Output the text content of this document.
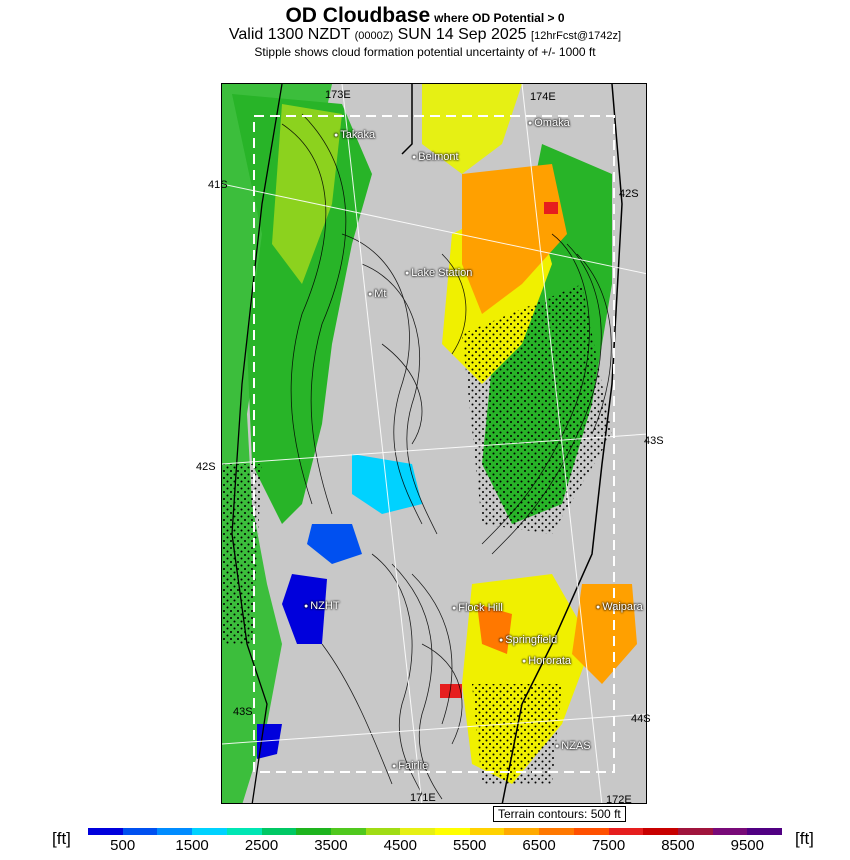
OD Cloudbase where OD Potential > 0
Valid 1300 NZDT (0000Z) SUN 14 Sep 2025 [12hrFcst@1742z]
Stipple shows cloud formation potential uncertainty of +/- 1000 ft
● Takaka
● Belmont
● Omaka
● Lake Station
● Mt
● NZHT
●	Flock Hill
● Springfield
● Hororata
● Waipara
● NZAS
● Fairlie
173E	174E
171E	172E
42S
41S
42S
43S
43S
44S
Terrain contours: 500 ft
[ft]	[ft]
500	1500 2500 3500 4500 5500 6500 7500 8500 9500
